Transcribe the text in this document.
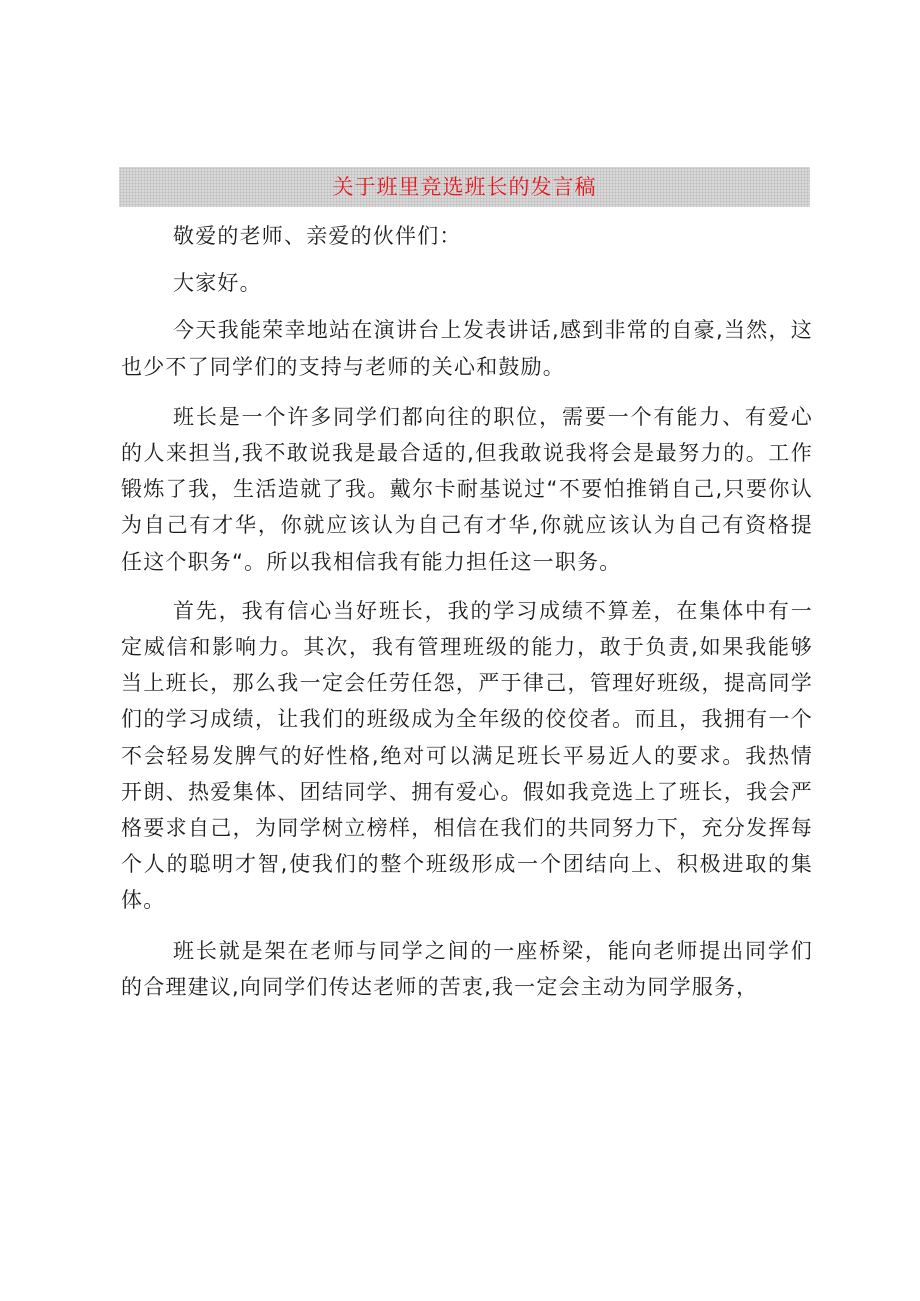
关于班里竞选班长的发言稿

敬爱的老师、亲爱的伙伴们：

大家好。

今天我能荣幸地站在演讲台上发表讲话,感到非常的自豪,当然，这也少不了同学们的支持与老师的关心和鼓励。

班长是一个许多同学们都向往的职位，需要一个有能力、有爱心的人来担当,我不敢说我是最合适的,但我敢说我将会是最努力的。工作锻炼了我，生活造就了我。戴尔卡耐基说过“不要怕推销自己,只要你认为自己有才华，你就应该认为自己有才华,你就应该认为自己有资格提任这个职务“。所以我相信我有能力担任这一职务。

首先，我有信心当好班长，我的学习成绩不算差，在集体中有一定威信和影响力。其次，我有管理班级的能力，敢于负责,如果我能够当上班长，那么我一定会任劳任怨，严于律己，管理好班级，提高同学们的学习成绩，让我们的班级成为全年级的佼佼者。而且，我拥有一个不会轻易发脾气的好性格,绝对可以满足班长平易近人的要求。我热情开朗、热爱集体、团结同学、拥有爱心。假如我竞选上了班长，我会严格要求自己，为同学树立榜样，相信在我们的共同努力下，充分发挥每个人的聪明才智,使我们的整个班级形成一个团结向上、积极进取的集体。

班长就是架在老师与同学之间的一座桥梁，能向老师提出同学们的合理建议,向同学们传达老师的苦衷,我一定会主动为同学服务，
